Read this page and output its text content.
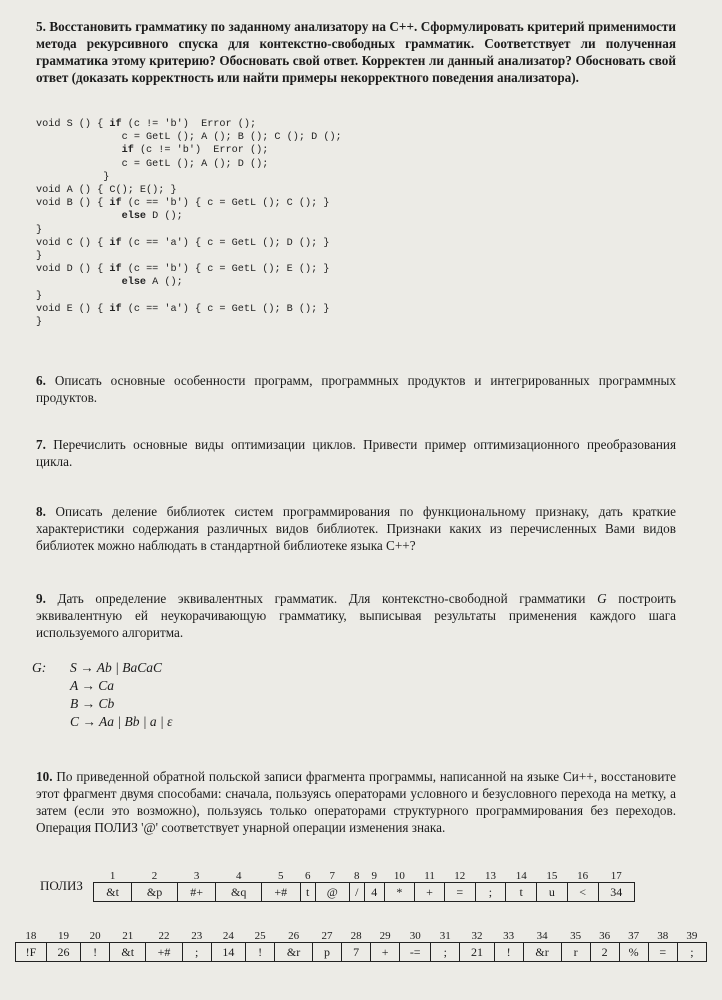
5. Восстановить грамматику по заданному анализатору на С++. Сформулировать критерий применимости метода рекурсивного спуска для контекстно-свободных грамматик. Соответствует ли полученная грамматика этому критерию? Обосновать свой ответ. Корректен ли данный анализатор? Обосновать свой ответ (доказать корректность или найти примеры некорректного поведения анализатора).
void S () { if (c != 'b')  Error ();
c = GetL (); A (); B (); C (); D ();
if (c != 'b')  Error ();
c = GetL (); A (); D ();
}
void A () { C(); E(); }
void B () { if (c == 'b') { c = GetL (); C (); }
else D ();
}
void C () { if (c == 'a') { c = GetL (); D (); }
}
void D () { if (c == 'b') { c = GetL (); E (); }
else A ();
}
void E () { if (c == 'a') { c = GetL (); B (); }
}
6. Описать основные особенности программ, программных продуктов и интегрированных программных продуктов.
7. Перечислить основные виды оптимизации циклов. Привести пример оптимизационного преобразования цикла.
8. Описать деление библиотек систем программирования по функциональному признаку, дать краткие характеристики содержания различных видов библиотек. Признаки каких из перечисленных Вами видов библиотек можно наблюдать в стандартной библиотеке языка С++?
9. Дать определение эквивалентных грамматик. Для контекстно-свободной грамматики G построить эквивалентную ей неукорачивающую грамматику, выписывая результаты применения каждого шага используемого алгоритма.
G: S → Ab | BaCaC
A → Ca
B → Cb
C → Aa | Bb | a | ε
10. По приведенной обратной польской записи фрагмента программы, написанной на языке Си++, восстановите этот фрагмент двумя способами: сначала, пользуясь операторами условного и безусловного перехода на метку, а затем (если это возможно), пользуясь только операторами структурного программирования без переходов. Операция ПОЛИЗ '@' соответствует унарной операции изменения знака.
ПОЛИЗ
1	2	3	4	5	6	7	8	9	10	11	12	13	14	15	16	17
&t	&p	#+	&q	+#	t	@	/	4	*	+	=	;	t	u	<	34
18	19	20	21	22	23	24	25	26	27	28	29	30	31	32	33	34	35	36	37	38	39
!F	26	!	&t	+#	;	14	!	&r	p	7	+	-=	;	21	!	&r	r	2	%	=	;
